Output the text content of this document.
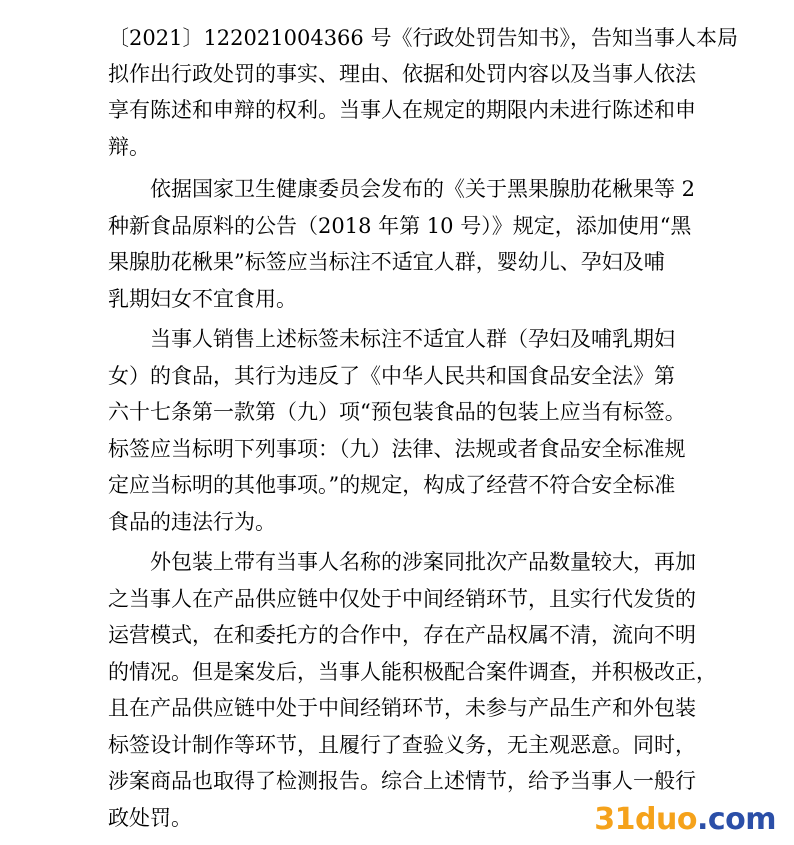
〔2021〕122021004366 号《行政处罚告知书》，告知当事人本局
拟作出行政处罚的事实、理由、依据和处罚内容以及当事人依法
享有陈述和申辩的权利。当事人在规定的期限内未进行陈述和申
辩。
依据国家卫生健康委员会发布的《关于黑果腺肋花楸果等 2
种新食品原料的公告（2018 年第 10 号）》规定，添加使用“黑
果腺肋花楸果”标签应当标注不适宜人群，婴幼儿、孕妇及哺
乳期妇女不宜食用。
当事人销售上述标签未标注不适宜人群（孕妇及哺乳期妇
女）的食品，其行为违反了《中华人民共和国食品安全法》第
六十七条第一款第（九）项“预包装食品的包装上应当有标签。
标签应当标明下列事项：（九）法律、法规或者食品安全标准规
定应当标明的其他事项。”的规定，构成了经营不符合安全标准
食品的违法行为。
外包装上带有当事人名称的涉案同批次产品数量较大，再加
之当事人在产品供应链中仅处于中间经销环节，且实行代发货的
运营模式，在和委托方的合作中，存在产品权属不清，流向不明
的情况。但是案发后，当事人能积极配合案件调查，并积极改正，
且在产品供应链中处于中间经销环节，未参与产品生产和外包装
标签设计制作等环节，且履行了查验义务，无主观恶意。同时，
涉案商品也取得了检测报告。综合上述情节，给予当事人一般行
政处罚。	31duo.com
